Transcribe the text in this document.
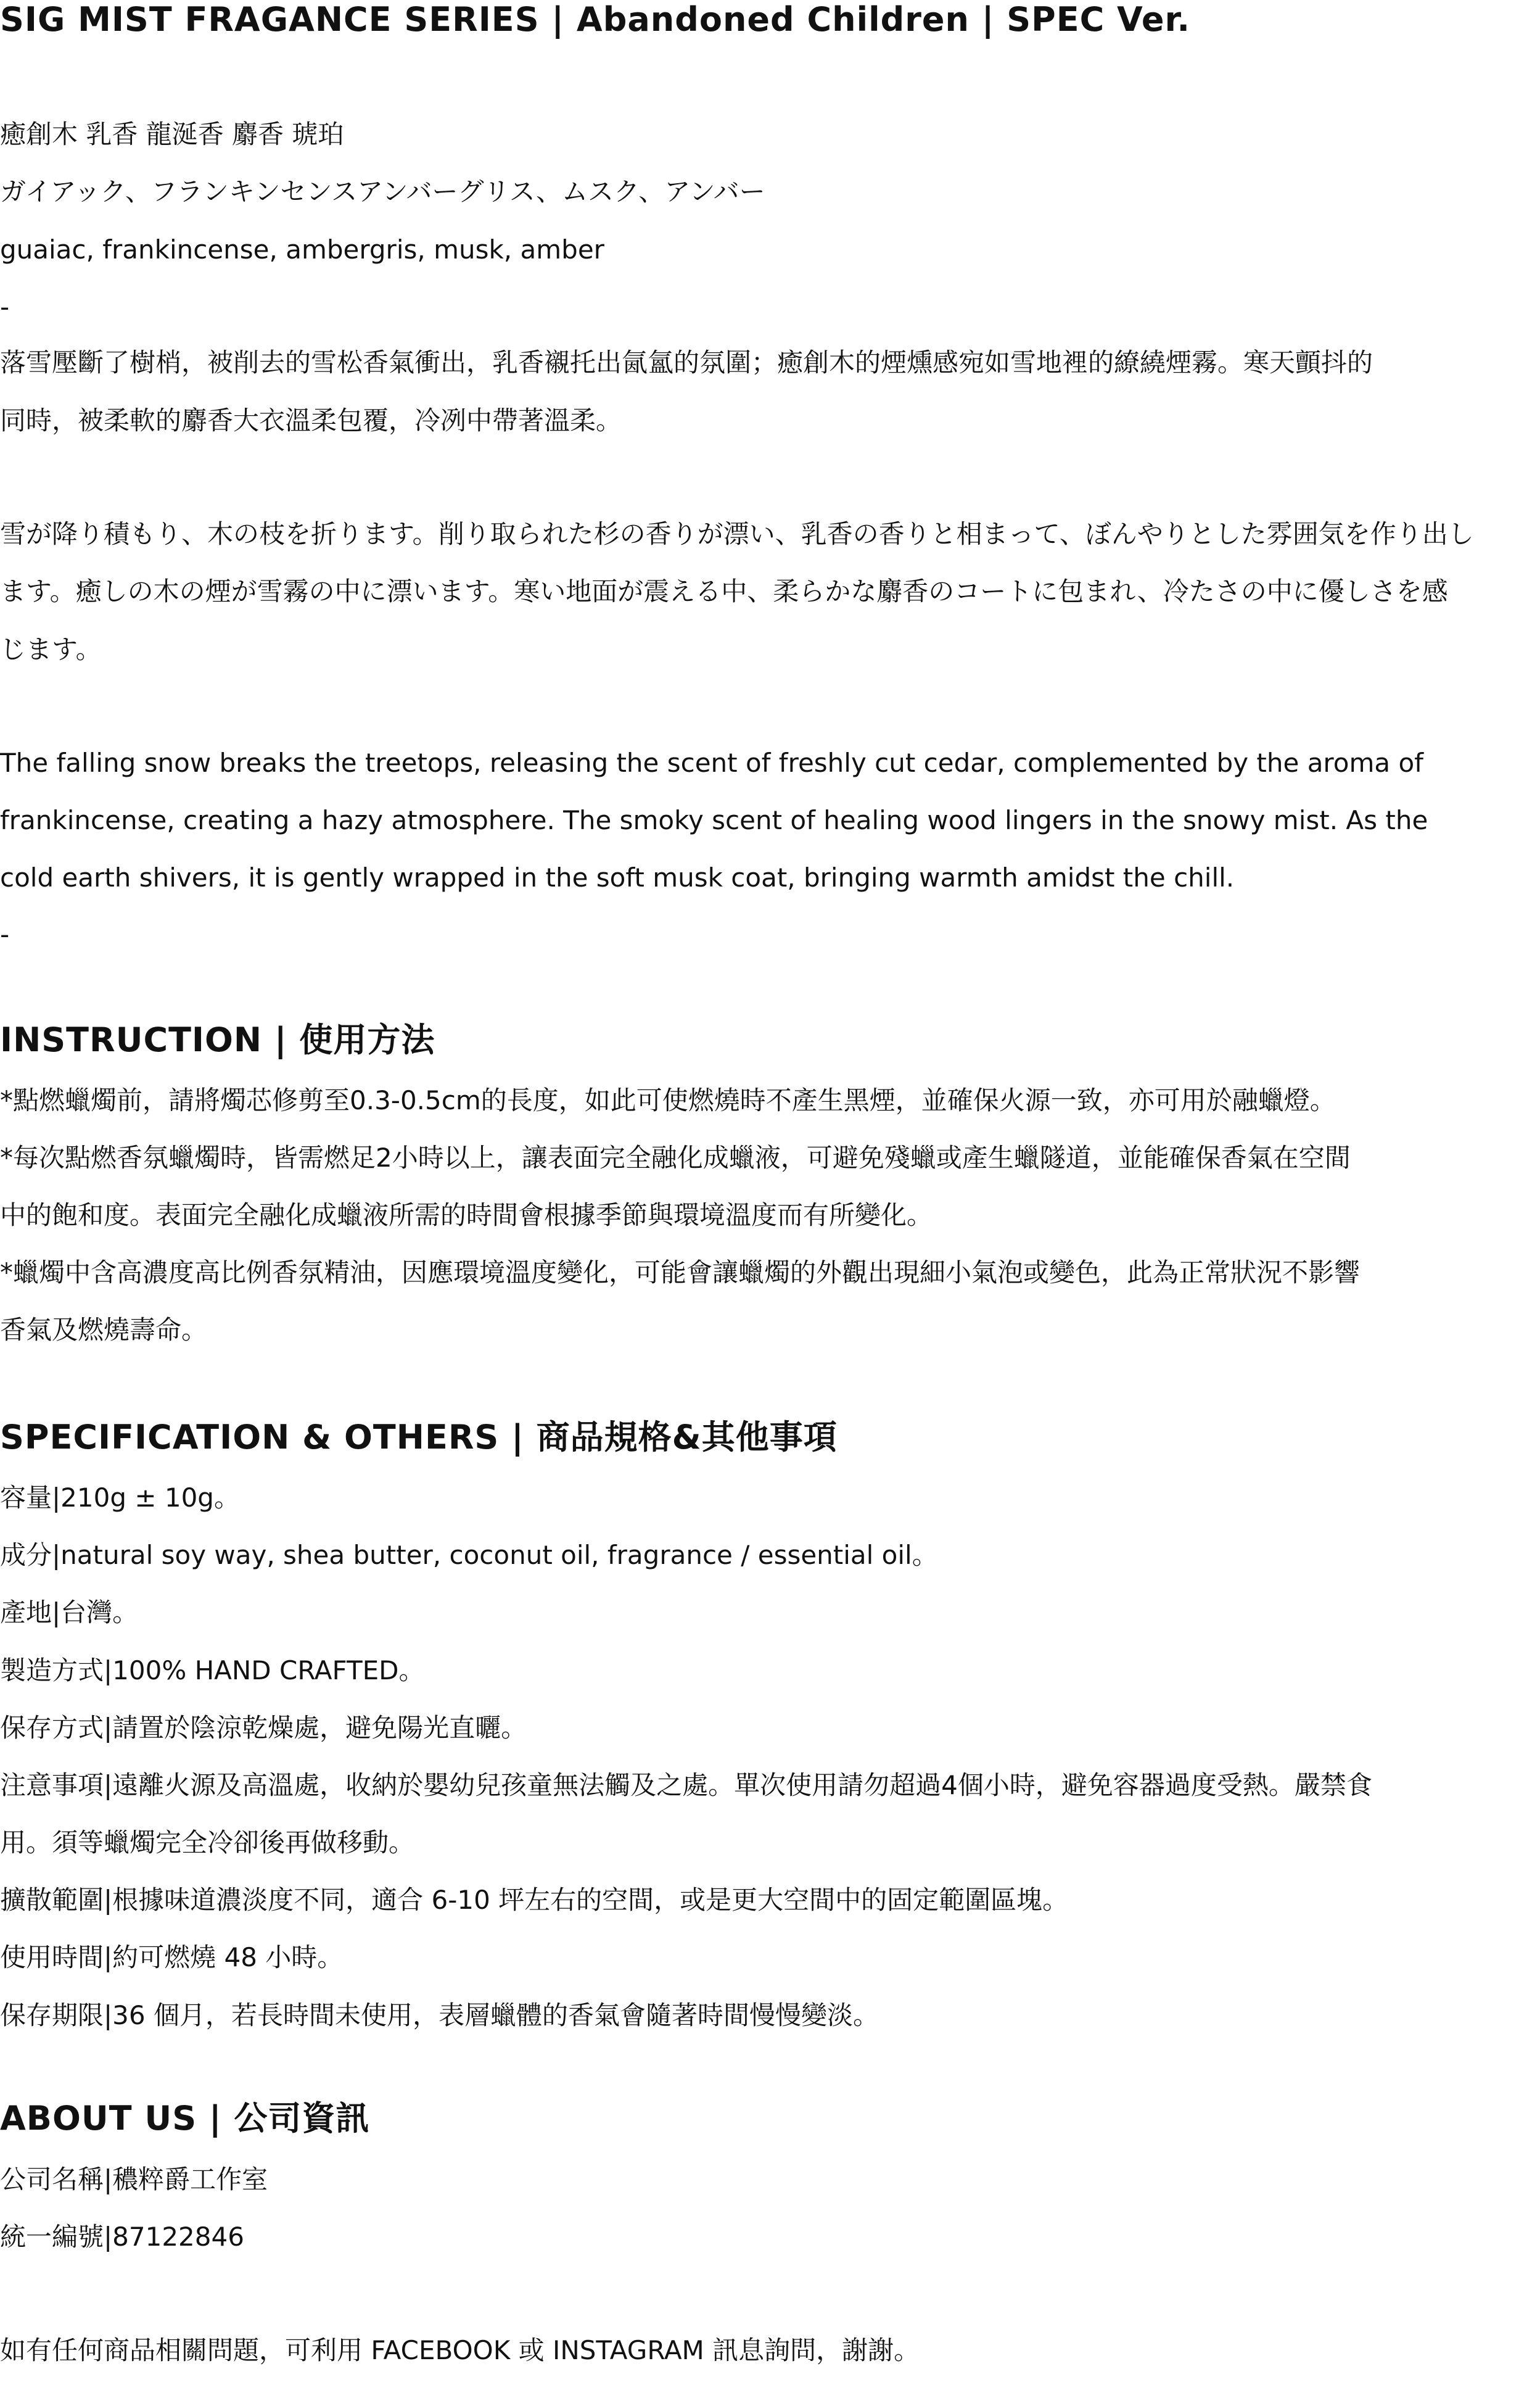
SIG MIST FRAGANCE SERIES | Abandoned Children | SPEC Ver.
癒創木 乳香 龍涎香 麝香 琥珀
ガイアック、フランキンセンスアンバーグリス、ムスク、アンバー
guaiac, frankincense, ambergris, musk, amber
-
落雪壓斷了樹梢，被削去的雪松香氣衝出，乳香襯托出氤氳的氛圍；癒創木的煙燻感宛如雪地裡的繚繞煙霧。寒天顫抖的
同時，被柔軟的麝香大衣溫柔包覆，冷冽中帶著溫柔。
雪が降り積もり、木の枝を折ります。削り取られた杉の香りが漂い、乳香の香りと相まって、ぼんやりとした雰囲気を作り出し
ます。癒しの木の煙が雪霧の中に漂います。寒い地面が震える中、柔らかな麝香のコートに包まれ、冷たさの中に優しさを感
じます。
The falling snow breaks the treetops, releasing the scent of freshly cut cedar, complemented by the aroma of
frankincense, creating a hazy atmosphere. The smoky scent of healing wood lingers in the snowy mist. As the
cold earth shivers, it is gently wrapped in the soft musk coat, bringing warmth amidst the chill.
-
INSTRUCTION | 使用方法
*點燃蠟燭前，請將燭芯修剪至0.3-0.5cm的長度，如此可使燃燒時不產生黑煙，並確保火源一致，亦可用於融蠟燈。
*每次點燃香氛蠟燭時，皆需燃足2小時以上，讓表面完全融化成蠟液，可避免殘蠟或產生蠟隧道，並能確保香氣在空間
中的飽和度。表面完全融化成蠟液所需的時間會根據季節與環境溫度而有所變化。
*蠟燭中含高濃度高比例香氛精油，因應環境溫度變化，可能會讓蠟燭的外觀出現細小氣泡或變色，此為正常狀況不影響
香氣及燃燒壽命。
SPECIFICATION & OTHERS | 商品規格&其他事項
容量|210g ± 10g。
成分|natural soy way, shea butter, coconut oil, fragrance / essential oil。
產地|台灣。
製造方式|100% HAND CRAFTED。
保存方式|請置於陰涼乾燥處，避免陽光直曬。
注意事項|遠離火源及高溫處，收納於嬰幼兒孩童無法觸及之處。單次使用請勿超過4個小時，避免容器過度受熱。嚴禁食
用。須等蠟燭完全冷卻後再做移動。
擴散範圍|根據味道濃淡度不同，適合 6-10 坪左右的空間，或是更大空間中的固定範圍區塊。
使用時間|約可燃燒 48 小時。
保存期限|36 個月，若長時間未使用，表層蠟體的香氣會隨著時間慢慢變淡。
ABOUT US | 公司資訊
公司名稱|穠粹爵工作室
統一編號|87122846
如有任何商品相關問題，可利用 FACEBOOK 或 INSTAGRAM 訊息詢問，謝謝。
